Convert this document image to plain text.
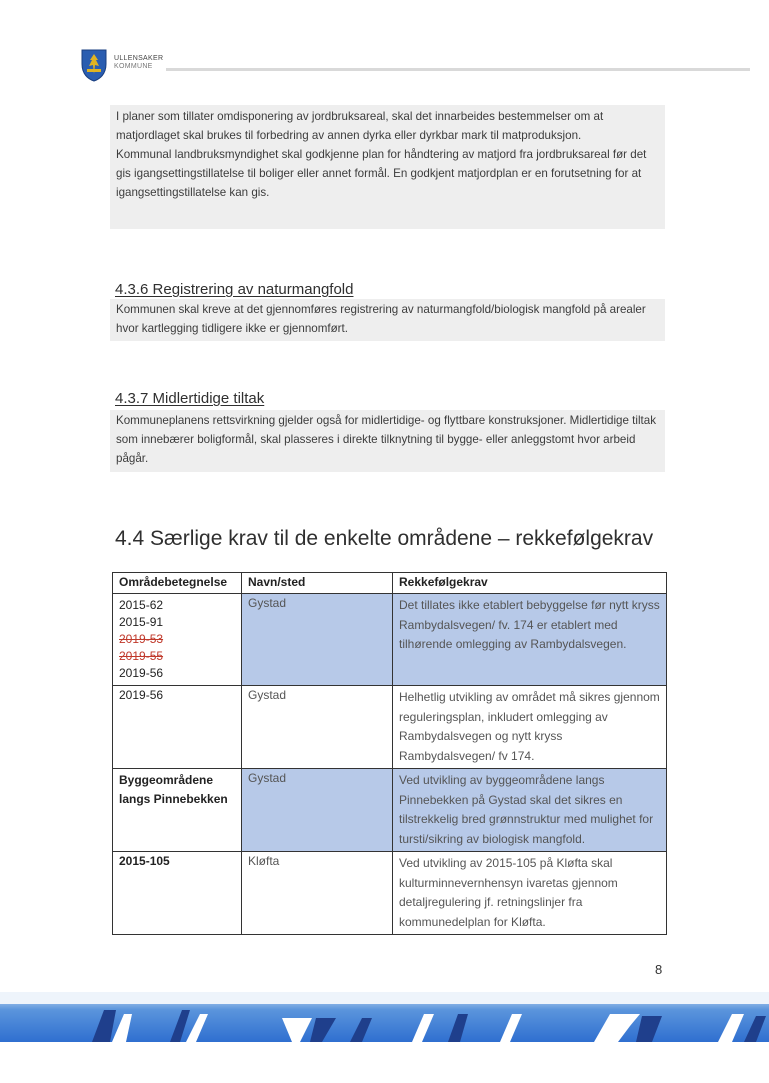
ULLENSAKER
KOMMUNE

I planer som tillater omdisponering av jordbruksareal, skal det innarbeides bestemmelser om at matjordlaget skal brukes til forbedring av annen dyrka eller dyrkbar mark til matproduksjon.

Kommunal landbruksmyndighet skal godkjenne plan for håndtering av matjord fra jordbruksareal før det gis igangsettingstillatelse til boliger eller annet formål. En godkjent matjordplan er en forutsetning for at igangsettingstillatelse kan gis.

4.3.6 Registrering av naturmangfold

Kommunen skal kreve at det gjennomføres registrering av naturmangfold/biologisk mangfold på arealer hvor kartlegging tidligere ikke er gjennomført.

4.3.7 Midlertidige tiltak

Kommuneplanens rettsvirkning gjelder også for midlertidige- og flyttbare konstruksjoner. Midlertidige tiltak som innebærer boligformål, skal plasseres i direkte tilknytning til bygge- eller anleggstomt hvor arbeid pågår.

4.4 Særlige krav til de enkelte områdene – rekkefølgekrav
Områdebetegnelse	Navn/sted	Rekkefølgekrav

2015-62
2015-91
2019-53
2019-55
2019-56	Gystad	Det tillates ikke etablert bebyggelse før nytt kryss Rambydalsvegen/ fv. 174 er etablert med tilhørende omlegging av Rambydalsvegen.
2019-56	Gystad	Helhetlig utvikling av området må sikres gjennom reguleringsplan, inkludert omlegging av Rambydalsvegen og nytt kryss Rambydalsvegen/ fv 174.
Byggeområdene langs Pinnebekken	Gystad	Ved utvikling av byggeområdene langs Pinnebekken på Gystad skal det sikres en tilstrekkelig bred grønnstruktur med mulighet for tursti/sikring av biologisk mangfold.
2015-105	Kløfta	Ved utvikling av 2015-105 på Kløfta skal kulturminnevernhensyn ivaretas gjennom detaljregulering jf. retningslinjer fra kommunedelplan for Kløfta.
8
